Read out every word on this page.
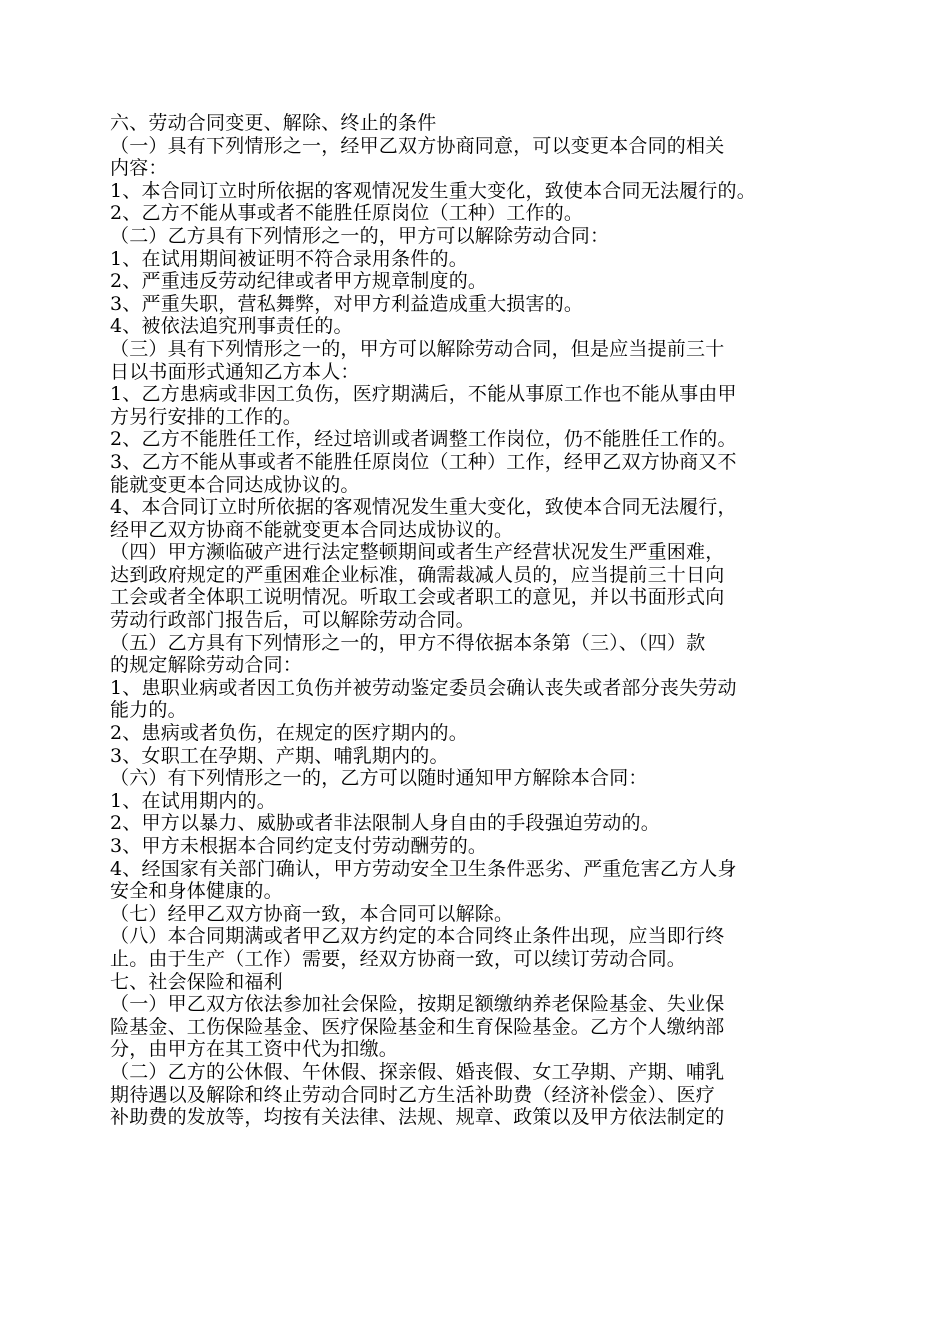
六、劳动合同变更、解除、终止的条件
（一）具有下列情形之一，经甲乙双方协商同意，可以变更本合同的相关
内容：
1、本合同订立时所依据的客观情况发生重大变化，致使本合同无法履行的。
2、乙方不能从事或者不能胜任原岗位（工种）工作的。
（二）乙方具有下列情形之一的，甲方可以解除劳动合同：
1、在试用期间被证明不符合录用条件的。
2、严重违反劳动纪律或者甲方规章制度的。
3、严重失职，营私舞弊，对甲方利益造成重大损害的。
4、被依法追究刑事责任的。
（三）具有下列情形之一的，甲方可以解除劳动合同，但是应当提前三十
日以书面形式通知乙方本人：
1、乙方患病或非因工负伤，医疗期满后，不能从事原工作也不能从事由甲
方另行安排的工作的。
2、乙方不能胜任工作，经过培训或者调整工作岗位，仍不能胜任工作的。
3、乙方不能从事或者不能胜任原岗位（工种）工作，经甲乙双方协商又不
能就变更本合同达成协议的。
4、本合同订立时所依据的客观情况发生重大变化，致使本合同无法履行，
经甲乙双方协商不能就变更本合同达成协议的。
（四）甲方濒临破产进行法定整顿期间或者生产经营状况发生严重困难，
达到政府规定的严重困难企业标准，确需裁减人员的，应当提前三十日向
工会或者全体职工说明情况。听取工会或者职工的意见，并以书面形式向
劳动行政部门报告后，可以解除劳动合同。
（五）乙方具有下列情形之一的，甲方不得依据本条第（三）、（四）款
的规定解除劳动合同：
1、患职业病或者因工负伤并被劳动鉴定委员会确认丧失或者部分丧失劳动
能力的。
2、患病或者负伤，在规定的医疗期内的。
3、女职工在孕期、产期、哺乳期内的。
（六）有下列情形之一的，乙方可以随时通知甲方解除本合同：
1、在试用期内的。
2、甲方以暴力、威胁或者非法限制人身自由的手段强迫劳动的。
3、甲方未根据本合同约定支付劳动酬劳的。
4、经国家有关部门确认，甲方劳动安全卫生条件恶劣、严重危害乙方人身
安全和身体健康的。
（七）经甲乙双方协商一致，本合同可以解除。
（八）本合同期满或者甲乙双方约定的本合同终止条件出现，应当即行终
止。由于生产（工作）需要，经双方协商一致，可以续订劳动合同。
七、社会保险和福利
（一）甲乙双方依法参加社会保险，按期足额缴纳养老保险基金、失业保
险基金、工伤保险基金、医疗保险基金和生育保险基金。乙方个人缴纳部
分，由甲方在其工资中代为扣缴。
（二）乙方的公休假、午休假、探亲假、婚丧假、女工孕期、产期、哺乳
期待遇以及解除和终止劳动合同时乙方生活补助费（经济补偿金）、医疗
补助费的发放等，均按有关法律、法规、规章、政策以及甲方依法制定的
